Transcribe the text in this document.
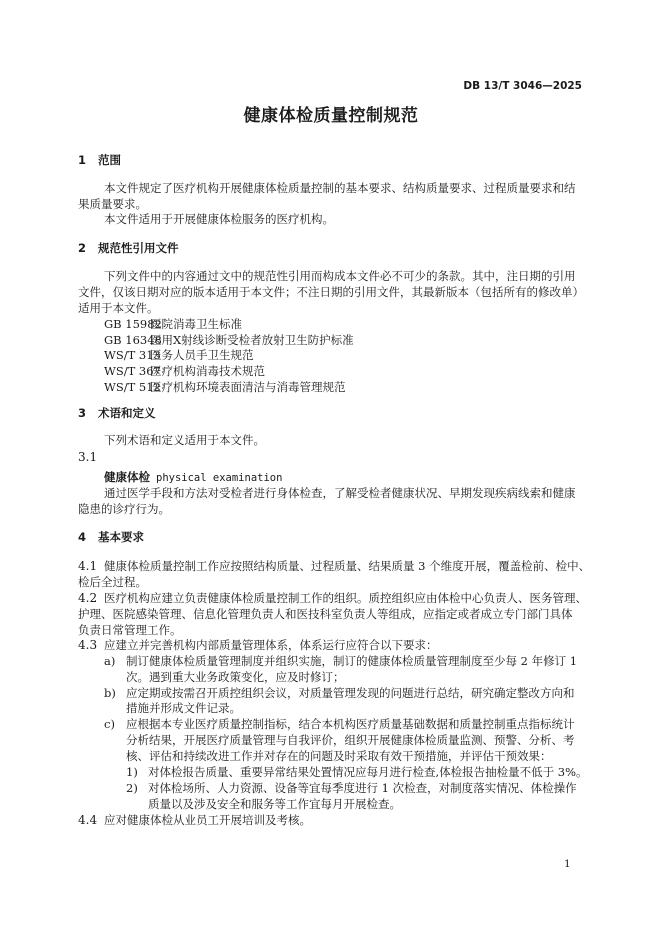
DB 13/T 3046—2025
健康体检质量控制规范
1 范围
本文件规定了医疗机构开展健康体检质量控制的基本要求、结构质量要求、过程质量要求和结
果质量要求。
本文件适用于开展健康体检服务的医疗机构。
2 规范性引用文件
下列文件中的内容通过文中的规范性引用而构成本文件必不可少的条款。其中，注日期的引用
文件，仅该日期对应的版本适用于本文件；不注日期的引用文件，其最新版本（包括所有的修改单）
适用于本文件。
GB 15982医院消毒卫生标准
GB 16348医用X射线诊断受检者放射卫生防护标准
WS/T 313医务人员手卫生规范
WS/T 367医疗机构消毒技术规范
WS/T 512医疗机构环境表面清洁与消毒管理规范
3 术语和定义
下列术语和定义适用于本文件。
3.1
健康体检 physical examination
通过医学手段和方法对受检者进行身体检查，了解受检者健康状况、早期发现疾病线索和健康
隐患的诊疗行为。
4 基本要求
4.1 健康体检质量控制工作应按照结构质量、过程质量、结果质量 3 个维度开展，覆盖检前、检中、
检后全过程。
4.2 医疗机构应建立负责健康体检质量控制工作的组织。质控组织应由体检中心负责人、医务管理、
护理、医院感染管理、信息化管理负责人和医技科室负责人等组成，应指定或者成立专门部门具体
负责日常管理工作。
4.3 应建立并完善机构内部质量管理体系，体系运行应符合以下要求：
a) 制订健康体检质量管理制度并组织实施，制订的健康体检质量管理制度至少每 2 年修订 1
次。遇到重大业务政策变化，应及时修订；
b) 应定期或按需召开质控组织会议，对质量管理发现的问题进行总结，研究确定整改方向和
措施并形成文件记录。
c) 应根据本专业医疗质量控制指标，结合本机构医疗质量基础数据和质量控制重点指标统计
分析结果，开展医疗质量管理与自我评价，组织开展健康体检质量监测、预警、分析、考
核、评估和持续改进工作并对存在的问题及时采取有效干预措施，并评估干预效果：
1) 对体检报告质量、重要异常结果处置情况应每月进行检查,体检报告抽检量不低于 3%。
2) 对体检场所、人力资源、设备等宜每季度进行 1 次检查，对制度落实情况、体检操作
质量以及涉及安全和服务等工作宜每月开展检查。
4.4 应对健康体检从业员工开展培训及考核。
1
